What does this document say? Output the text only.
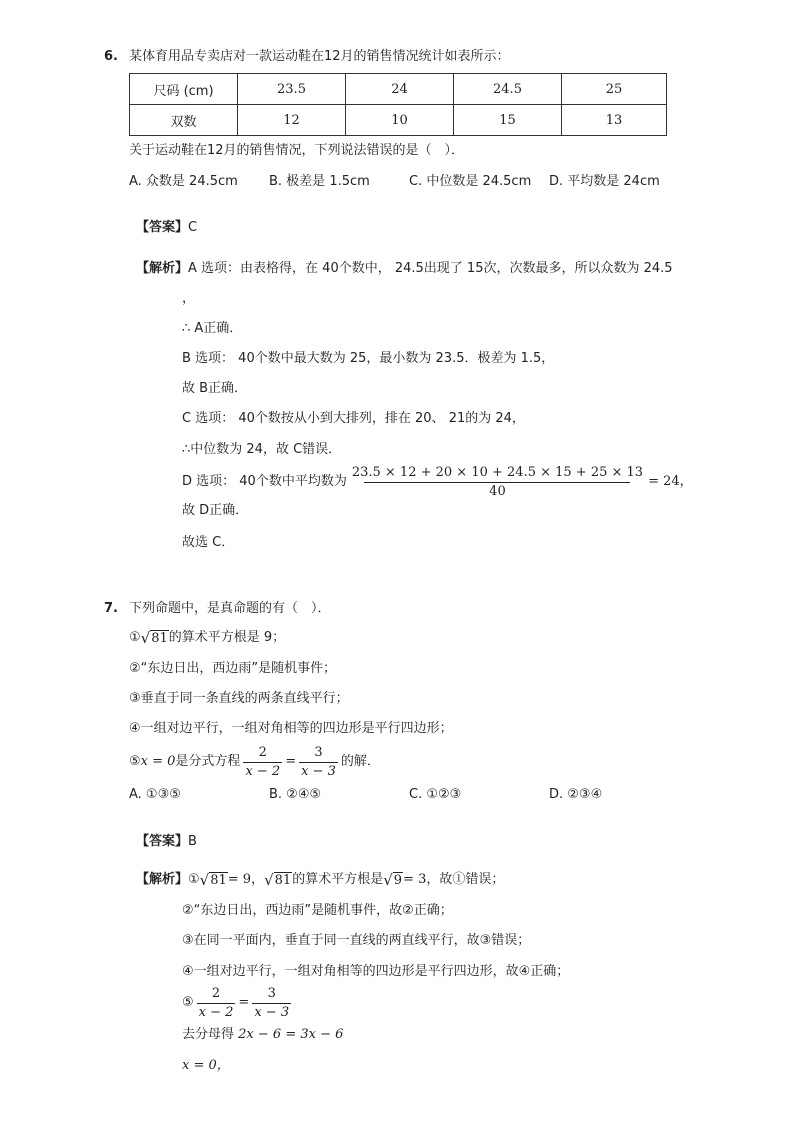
6. 某体育用品专卖店对一款运动鞋在12月的销售情况统计如表所示：
尺码 (cm)	23.5	24	24.5	25
双数	12	10	15	13
关于运动鞋在12月的销售情况，下列说法错误的是（　）．
A. 众数是 24.5cm B. 极差是 1.5cm	C. 中位数是 24.5cm D. 平均数是 24cm
【答案】C
【解析】A 选项：由表格得，在 40个数中， 24.5出现了 15次，次数最多，所以众数为 24.5
，
∴ A正确．
B 选项： 40个数中最大数为 25，最小数为 23.5．极差为 1.5，
故 B正确．
C 选项： 40个数按从小到大排列，排在 20、 21的为 24，
∴中位数为 24，故 C错误．
D 选项： 40个数中平均数为 $\frac{23.5 \times 12 + 20 \times 10 + 24.5 \times 15 + 25 \times 13}{40} = 24$，
故 D正确．
故选 C．
7. 下列命题中，是真命题的有（　）．
① √ 81 的算术平方根是 9；
②“东边日出，西边雨”是随机事件；
③垂直于同一条直线的两条直线平行；
④一组对边平行，一组对角相等的四边形是平行四边形；
⑤ x = 0 是分式方程 $\frac{2}{x - 2} = \frac{3}{x - 3}$ 的解．
A. ①③⑤	B. ②④⑤	C. ①②③	D. ②③④
【答案】B
【解析】 ① √ 81 = 9， √ 81 的算术平方根是 √ 9 = 3，故①错误；
②“东边日出，西边雨”是随机事件，故②正确；
③在同一平面内，垂直于同一直线的两直线平行，故③错误；
④一组对边平行，一组对角相等的四边形是平行四边形，故④正确；
⑤ $\frac{2}{x - 2} = \frac{3}{x - 3}$
去分母得 2x − 6 = 3x − 6
x = 0，
